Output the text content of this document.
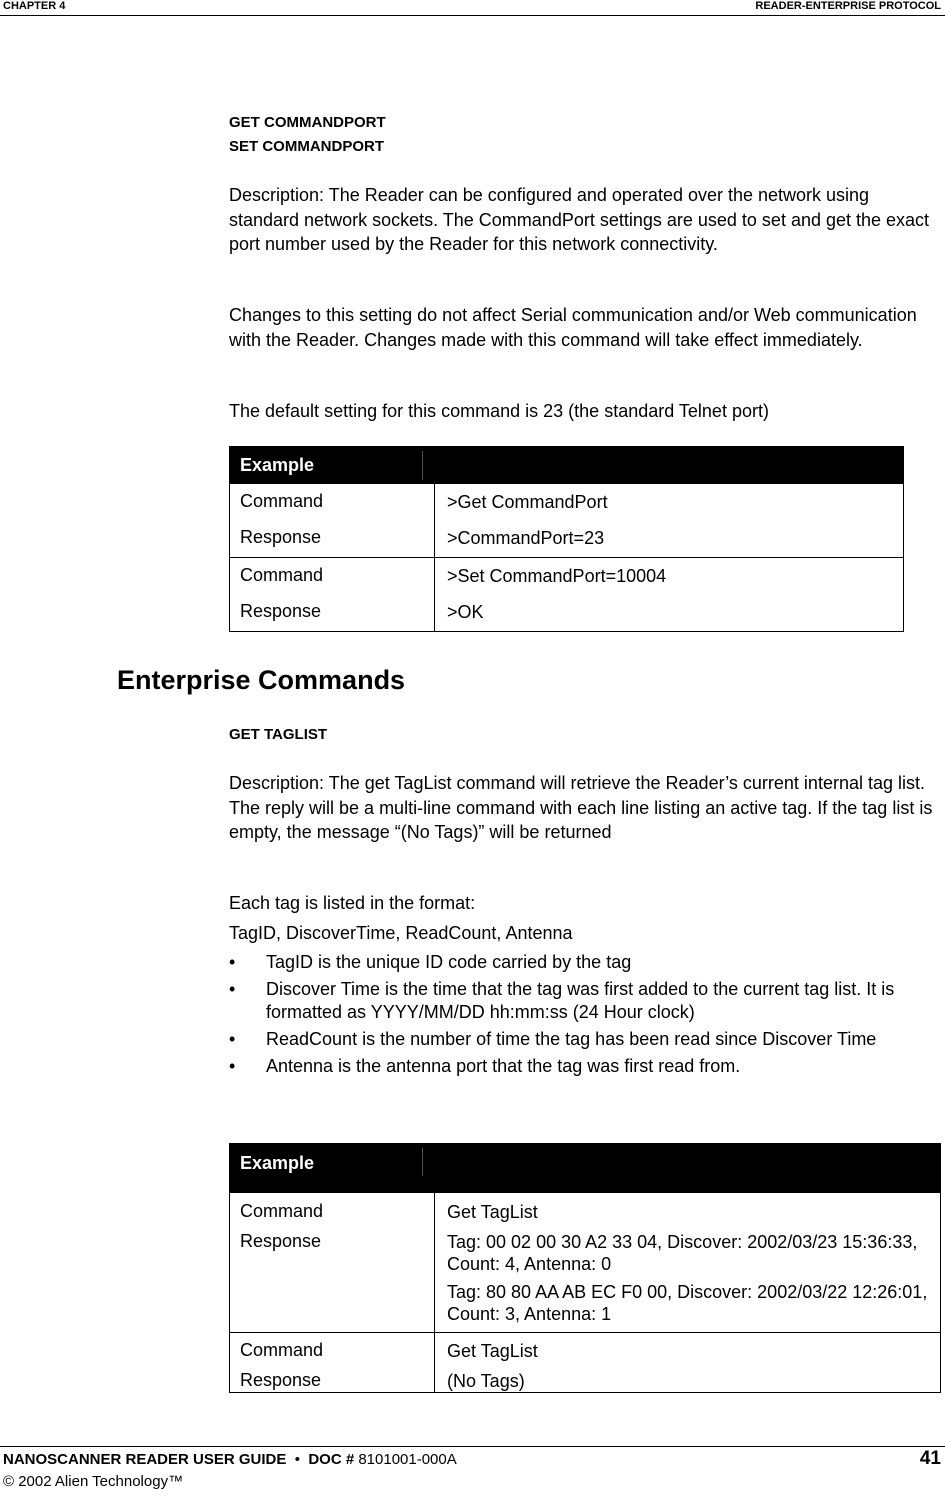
CHAPTER 4	READER-ENTERPRISE PROTOCOL
GET COMMANDPORT
SET COMMANDPORT

Description: The Reader can be configured and operated over the network using standard network sockets. The CommandPort settings are used to set and get the exact port number used by the Reader for this network connectivity.

Changes to this setting do not affect Serial communication and/or Web communication with the Reader. Changes made with this command will take effect immediately.

The default setting for this command is 23 (the standard Telnet port)

Example
Command	>Get CommandPort
Response	>CommandPort=23
Command	>Set CommandPort=10004
Response	>OK
Enterprise Commands
GET TAGLIST

Description: The get TagList command will retrieve the Reader’s current internal tag list. The reply will be a multi-line command with each line listing an active tag. If the tag list is empty, the message “(No Tags)” will be returned

Each tag is listed in the format:

TagID, DiscoverTime, ReadCount, Antenna

• TagID is the unique ID code carried by the tag
• Discover Time is the time that the tag was first added to the current tag list. It is formatted as YYYY/MM/DD hh:mm:ss (24 Hour clock)
• ReadCount is the number of time the tag has been read since Discover Time
• Antenna is the antenna port that the tag was first read from.
Example
Command	Get TagList
Response	Tag: 00 02 00 30 A2 33 04, Discover: 2002/03/23 15:36:33,
Count: 4, Antenna: 0
Tag: 80 80 AA AB EC F0 00, Discover: 2002/03/22 12:26:01,
Count: 3, Antenna: 1
Command	Get TagList
Response	(No Tags)
NANOSCANNER READER USER GUIDE • DOC # 8101001-000A
© 2002 Alien Technology™
41
